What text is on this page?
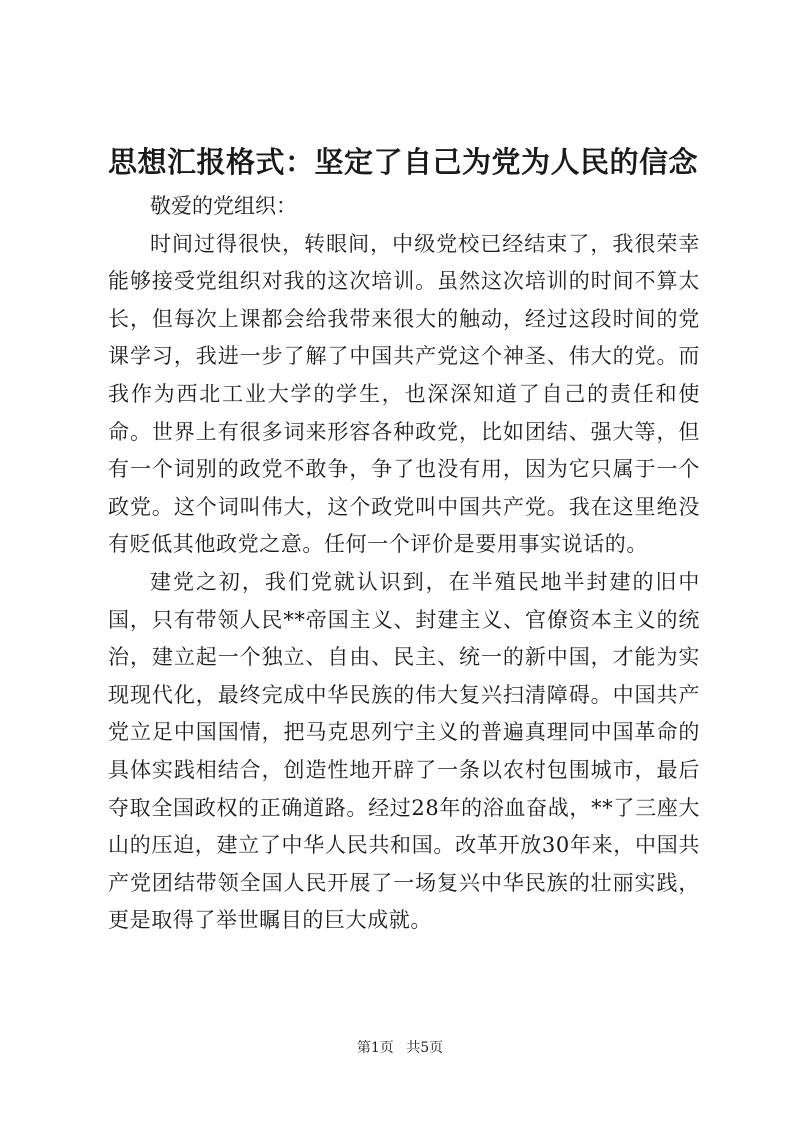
思想汇报格式：坚定了自己为党为人民的信念

敬爱的党组织：

时间过得很快，转眼间，中级党校已经结束了，我很荣幸能够接受党组织对我的这次培训。虽然这次培训的时间不算太长，但每次上课都会给我带来很大的触动，经过这段时间的党课学习，我进一步了解了中国共产党这个神圣、伟大的党。而我作为西北工业大学的学生，也深深知道了自己的责任和使命。世界上有很多词来形容各种政党，比如团结、强大等，但有一个词别的政党不敢争，争了也没有用，因为它只属于一个政党。这个词叫伟大，这个政党叫中国共产党。我在这里绝没有贬低其他政党之意。任何一个评价是要用事实说话的。

建党之初，我们党就认识到，在半殖民地半封建的旧中国，只有带领人民**帝国主义、封建主义、官僚资本主义的统治，建立起一个独立、自由、民主、统一的新中国，才能为实现现代化，最终完成中华民族的伟大复兴扫清障碍。中国共产党立足中国国情，把马克思列宁主义的普遍真理同中国革命的具体实践相结合，创造性地开辟了一条以农村包围城市，最后夺取全国政权的正确道路。经过28年的浴血奋战，**了三座大山的压迫，建立了中华人民共和国。改革开放30年来，中国共产党团结带领全国人民开展了一场复兴中华民族的壮丽实践，更是取得了举世瞩目的巨大成就。

第1页 共5页
